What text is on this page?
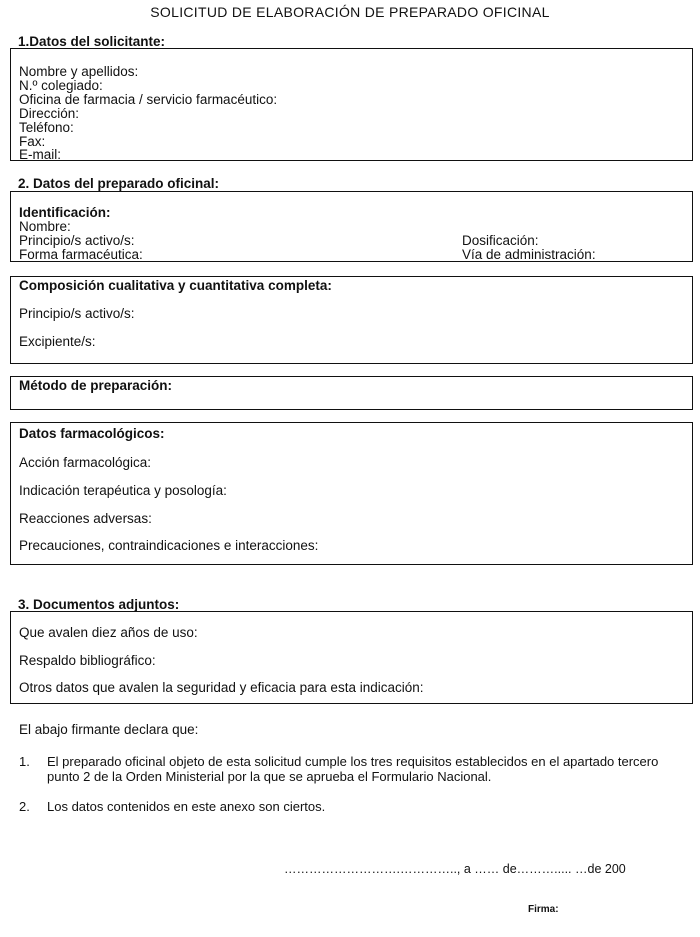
SOLICITUD DE ELABORACIÓN DE PREPARADO OFICINAL
1.Datos del solicitante:
Nombre y apellidos:
N.º colegiado:
Oficina de farmacia / servicio farmacéutico:
Dirección:
Teléfono:
Fax:
E-mail:
2. Datos del preparado oficinal:
Identificación:
Nombre:
Principio/s activo/s:
Forma farmacéutica:
Dosificación:
Vía de administración:
Composición cualitativa y cuantitativa completa:
Principio/s activo/s:
Excipiente/s:
Método de preparación:
Datos farmacológicos:
Acción farmacológica:
Indicación terapéutica y posología:
Reacciones adversas:
Precauciones, contraindicaciones e interacciones:
3. Documentos adjuntos:
Que avalen diez años de uso:
Respaldo bibliográfico:
Otros datos que avalen la seguridad y eficacia para esta indicación:
El abajo firmante declara que:
1. El preparado oficinal objeto de esta solicitud cumple los tres requisitos establecidos en el apartado tercero punto 2 de la Orden Ministerial por la que se aprueba el Formulario Nacional.
2. Los datos contenidos en este anexo son ciertos.
……………………….………….., a …… de………..... …de 200
Firma:
